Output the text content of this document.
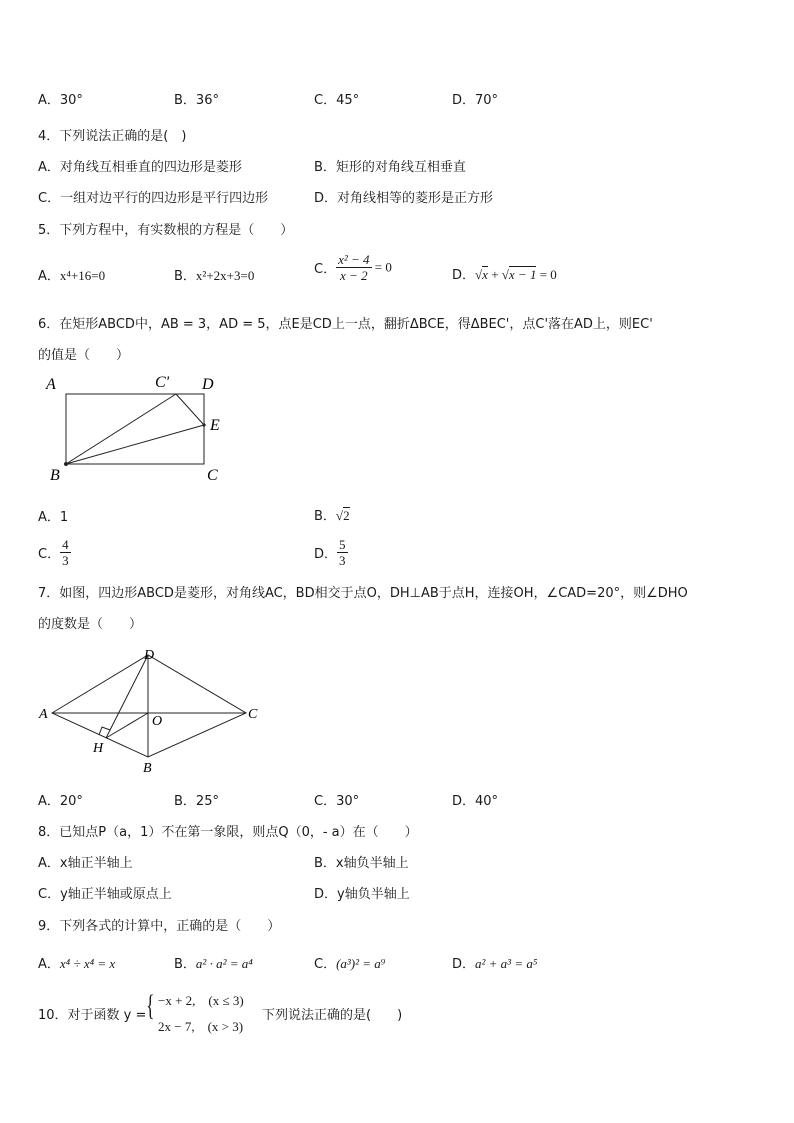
A．30°	B．36°	C．45°	D．70°
4．下列说法正确的是(　)
A．对角线互相垂直的四边形是菱形	B．矩形的对角线互相垂直
C．一组对边平行的四边形是平行四边形	D．对角线相等的菱形是正方形
5．下列方程中，有实数根的方程是（　　）
A．x⁴+16=0	B．x²+2x+3=0	C． $\frac{\text{x² − 4}}{x - 2} = 0$
D．√x + √x − 1 = 0
6．在矩形ABCD中，AB = 3，AD = 5，点E是CD上一点，翻折ΔBCE，得ΔBEC'，点C'落在AD上，则EC'
的值是（　　）
A	C' D
E
B	C
A．1	B．√2
C． $\frac{4}{3}$	D． $\frac{5}{3}$
7．如图，四边形ABCD是菱形，对角线AC，BD相交于点O，DH⊥AB于点H，连接OH，∠CAD=20°，则∠DHO
的度数是（　　）
A
D
C
O
H
B
A．20°	B．25°	C．30°	D．40°
8．已知点P（a，1）不在第一象限，则点Q（0，- a）在（　　）
A．x轴正半轴上	B．x轴负半轴上
C．y轴正半轴或原点上	D．y轴负半轴上
9．下列各式的计算中，正确的是（　　）
A．x⁴ ÷ x⁴ = x	B．a² · a² = a⁴	C．(a³)² = a⁹	D．a² + a³ = a⁵
10．对于函数 y = { −x + 2,　(x ≤ 3)
2x − 7,　(x > 3)
下列说法正确的是(　　)
